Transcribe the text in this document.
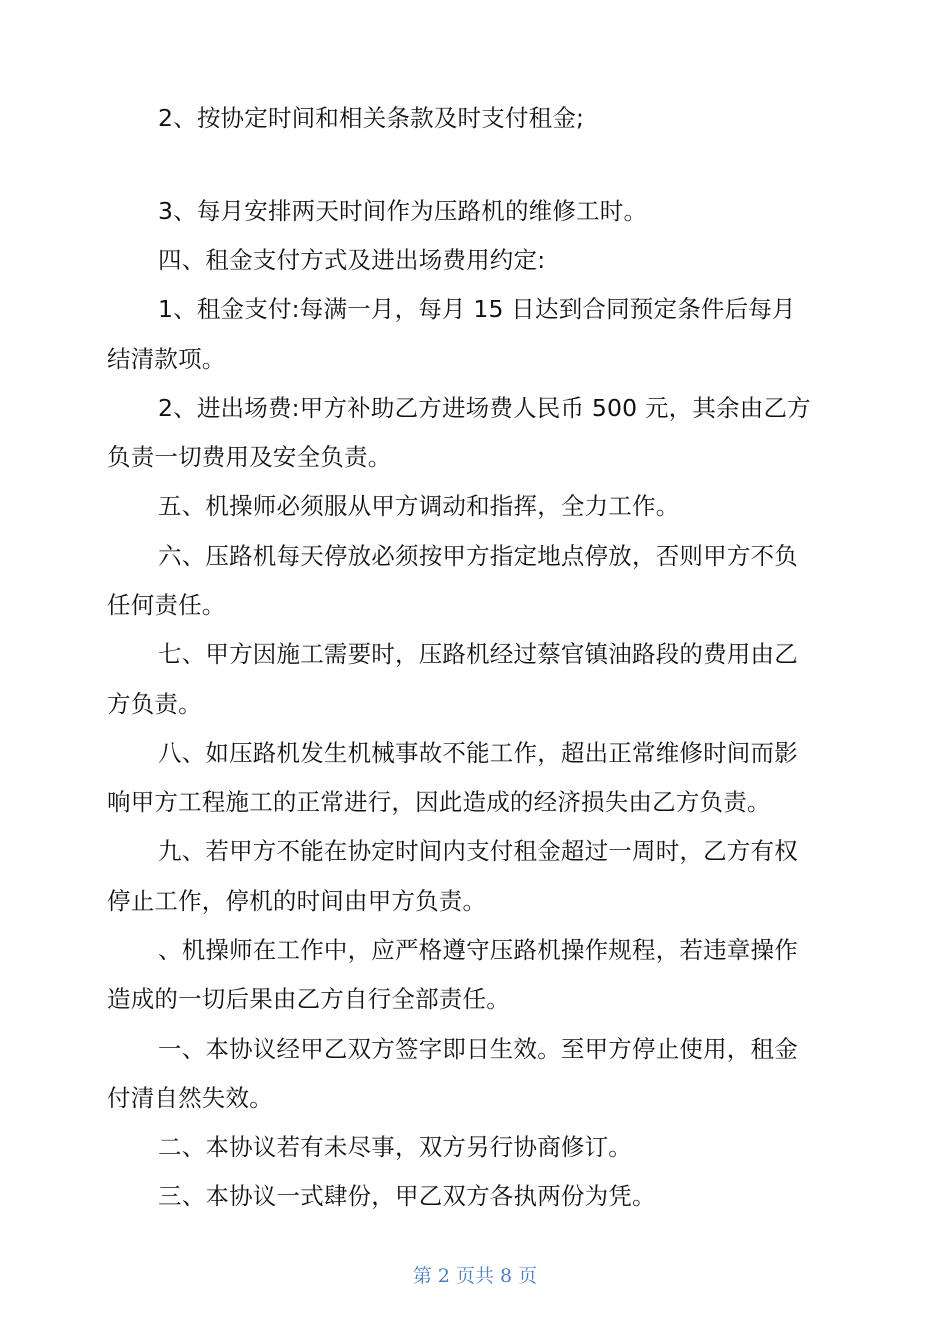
2、按协定时间和相关条款及时支付租金;
3、每月安排两天时间作为压路机的维修工时。
四、租金支付方式及进出场费用约定:
1、租金支付:每满一月，每月 15 日达到合同预定条件后每月
结清款项。
2、进出场费:甲方补助乙方进场费人民币 500 元，其余由乙方
负责一切费用及安全负责。
五、机操师必须服从甲方调动和指挥，全力工作。
六、压路机每天停放必须按甲方指定地点停放，否则甲方不负
任何责任。
七、甲方因施工需要时，压路机经过蔡官镇油路段的费用由乙
方负责。
八、如压路机发生机械事故不能工作，超出正常维修时间而影
响甲方工程施工的正常进行，因此造成的经济损失由乙方负责。
九、若甲方不能在协定时间内支付租金超过一周时，乙方有权
停止工作，停机的时间由甲方负责。
、机操师在工作中，应严格遵守压路机操作规程，若违章操作
造成的一切后果由乙方自行全部责任。
一、本协议经甲乙双方签字即日生效。至甲方停止使用，租金
付清自然失效。
二、本协议若有未尽事，双方另行协商修订。
三、本协议一式肆份，甲乙双方各执两份为凭。
第 2 页共 8 页
